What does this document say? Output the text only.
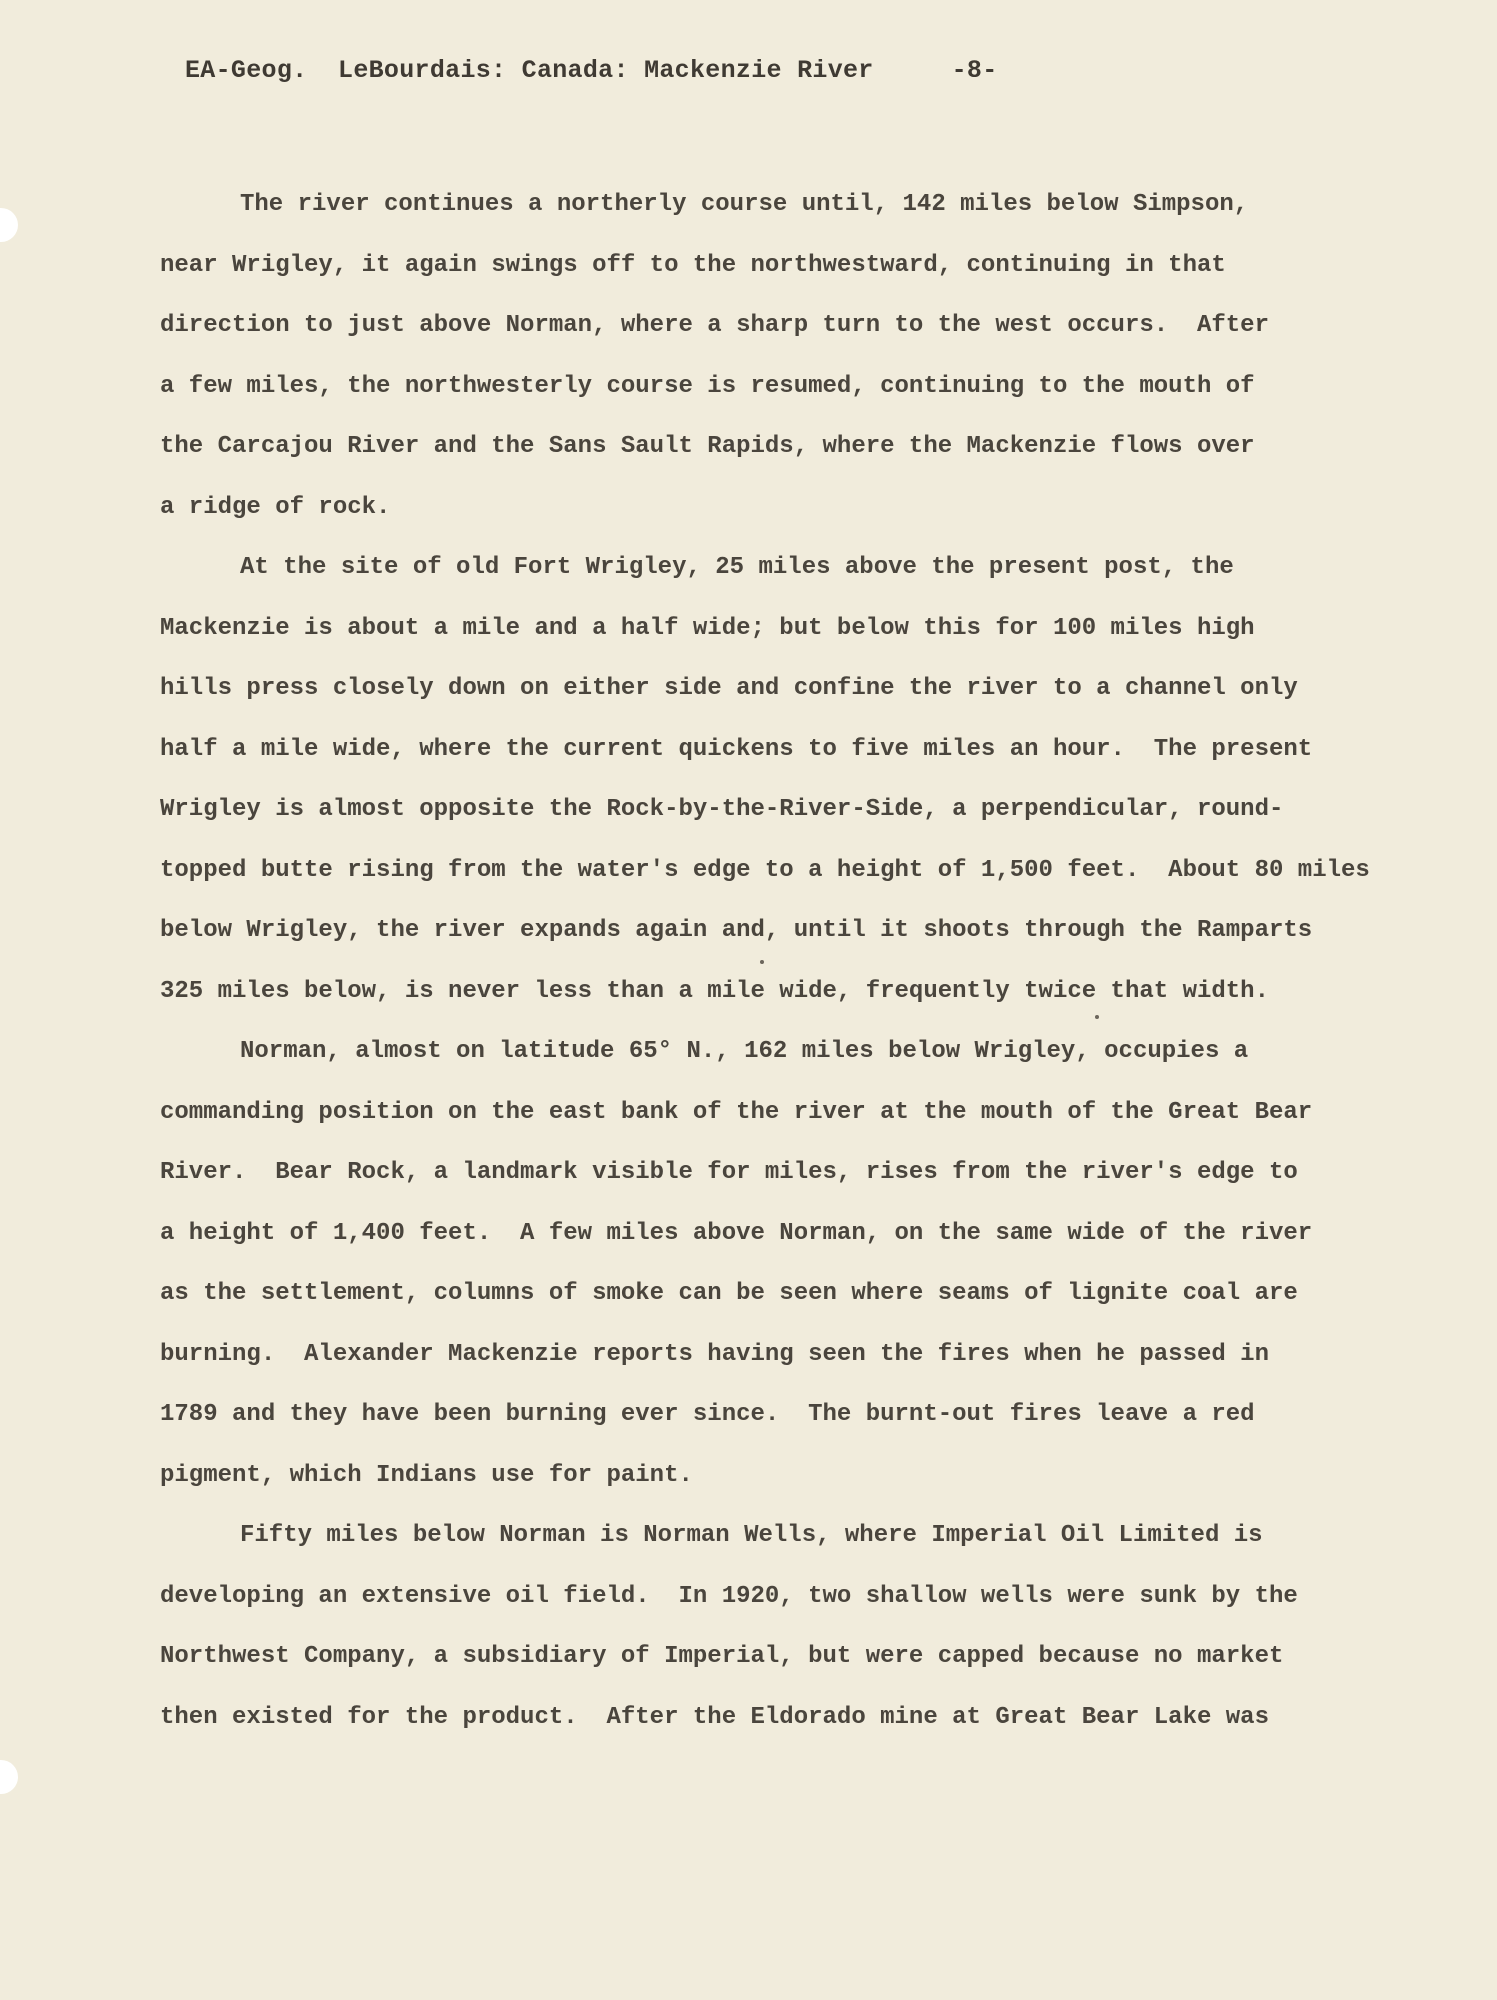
EA-Geog.  LeBourdais: Canada: Mackenzie River	-8-
The river continues a northerly course until, 142 miles below Simpson,
near Wrigley, it again swings off to the northwestward, continuing in that
direction to just above Norman, where a sharp turn to the west occurs.  After
a few miles, the northwesterly course is resumed, continuing to the mouth of
the Carcajou River and the Sans Sault Rapids, where the Mackenzie flows over
a ridge of rock.
At the site of old Fort Wrigley, 25 miles above the present post, the
Mackenzie is about a mile and a half wide; but below this for 100 miles high
hills press closely down on either side and confine the river to a channel only
half a mile wide, where the current quickens to five miles an hour.  The present
Wrigley is almost opposite the Rock-by-the-River-Side, a perpendicular, round-
topped butte rising from the water's edge to a height of 1,500 feet.  About 80 miles
below Wrigley, the river expands again and, until it shoots through the Ramparts
325 miles below, is never less than a mile wide, frequently twice that width.
Norman, almost on latitude 65° N., 162 miles below Wrigley, occupies a
commanding position on the east bank of the river at the mouth of the Great Bear
River.  Bear Rock, a landmark visible for miles, rises from the river's edge to
a height of 1,400 feet.  A few miles above Norman, on the same wide of the river
as the settlement, columns of smoke can be seen where seams of lignite coal are
burning.  Alexander Mackenzie reports having seen the fires when he passed in
1789 and they have been burning ever since.  The burnt-out fires leave a red
pigment, which Indians use for paint.
Fifty miles below Norman is Norman Wells, where Imperial Oil Limited is
developing an extensive oil field.  In 1920, two shallow wells were sunk by the
Northwest Company, a subsidiary of Imperial, but were capped because no market
then existed for the product.  After the Eldorado mine at Great Bear Lake was
